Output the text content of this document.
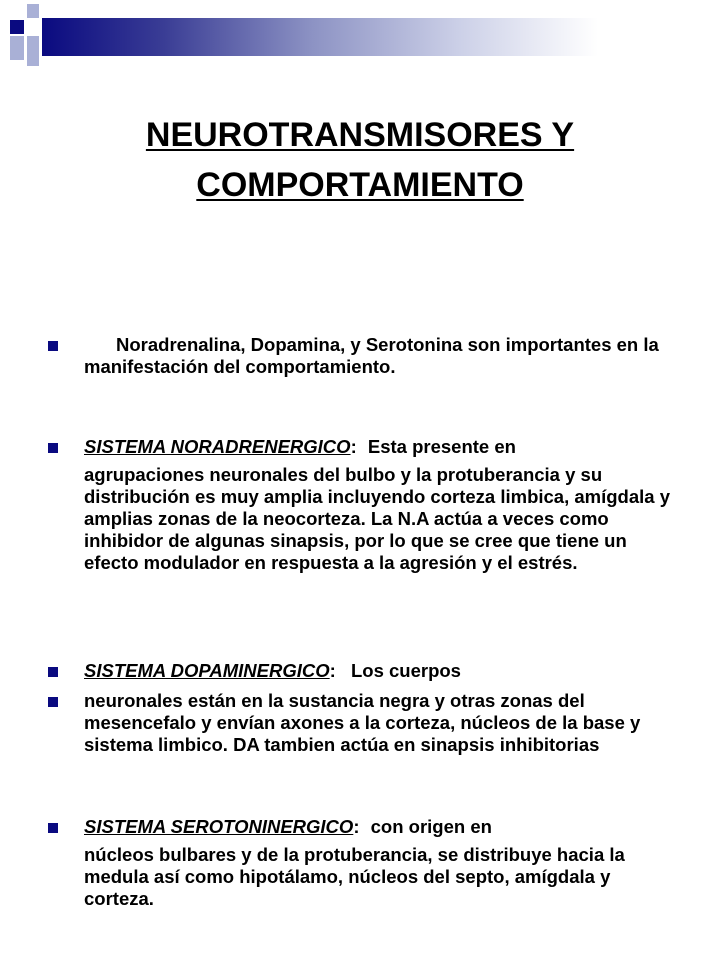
NEUROTRANSMISORES Y
COMPORTAMIENTO
Noradrenalina, Dopamina, y Serotonina son importantes en la manifestación del comportamiento.
SISTEMA NORADRENERGICO: Esta presente en
agrupaciones neuronales del bulbo y la protuberancia y su distribución es muy amplia incluyendo corteza limbica, amígdala y amplias zonas de la neocorteza. La N.A actúa a veces como inhibidor de algunas sinapsis, por lo que se cree que tiene un efecto modulador en respuesta a la agresión y el estrés.
SISTEMA DOPAMINERGICO: Los cuerpos
neuronales están en la sustancia negra y otras zonas del mesencefalo y envían axones a la corteza, núcleos de la base y sistema limbico. DA tambien actúa en sinapsis inhibitorias
SISTEMA SEROTONINERGICO: con origen en
núcleos bulbares y de la protuberancia, se distribuye hacia la medula así como hipotálamo, núcleos del septo, amígdala y corteza.
